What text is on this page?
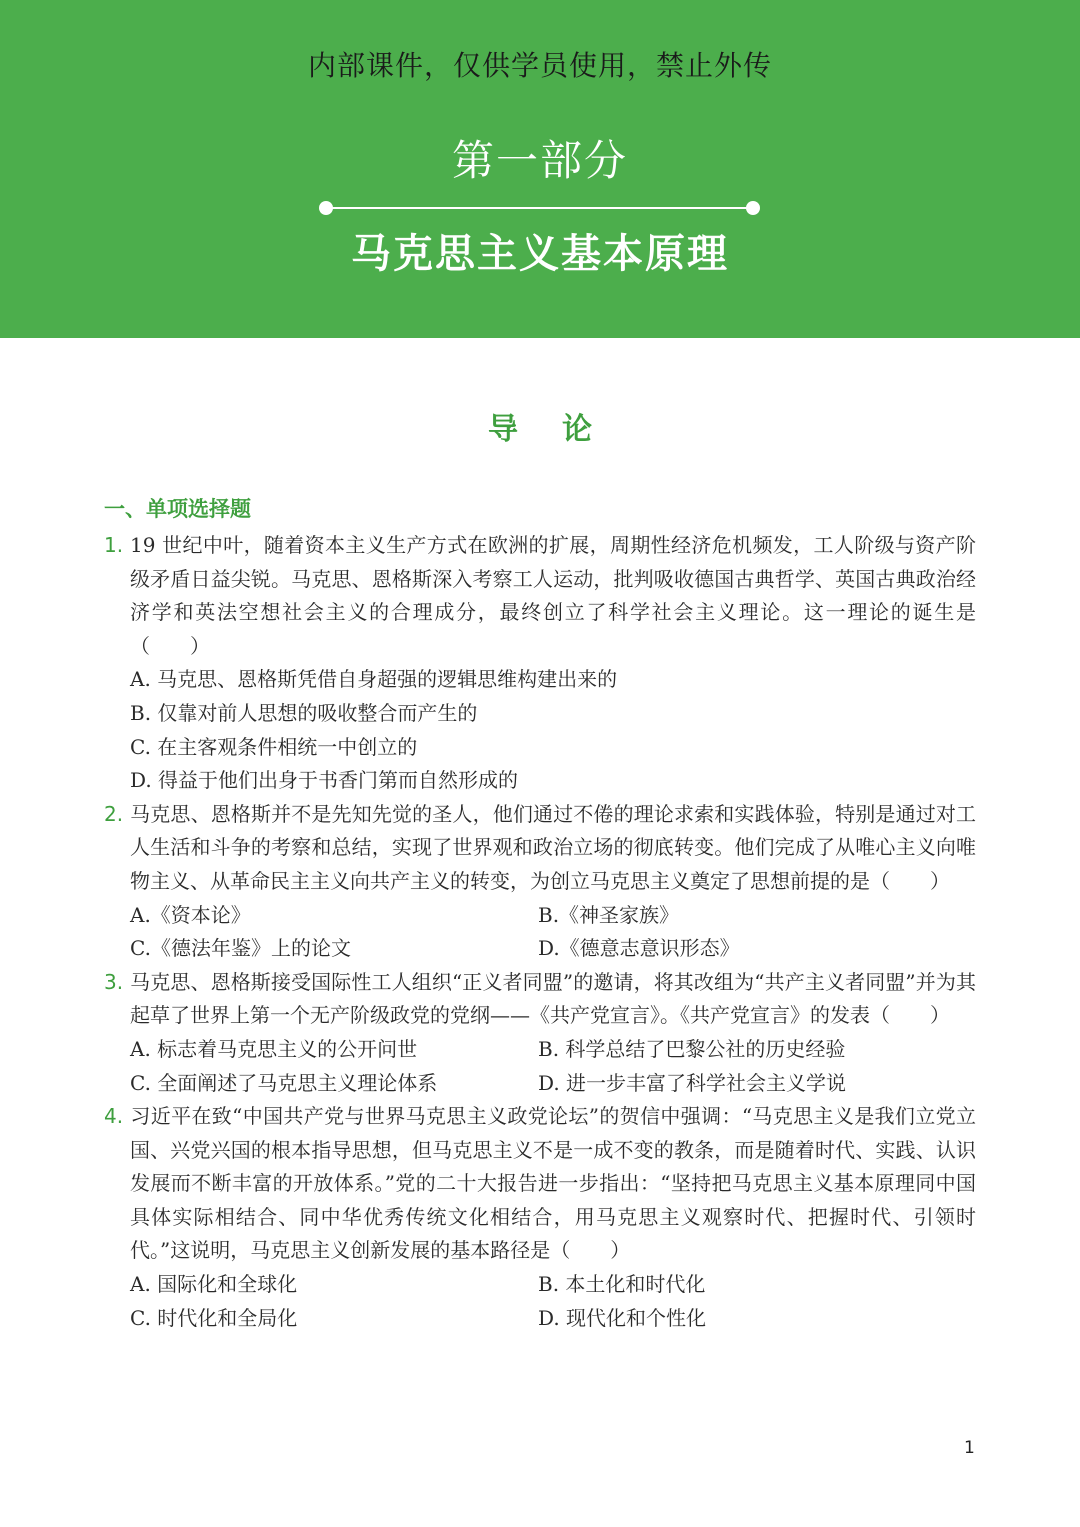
内部课件，仅供学员使用，禁止外传
第一部分
马克思主义基本原理
导 论
一、单项选择题

1. 19 世纪中叶，随着资本主义生产方式在欧洲的扩展，周期性经济危机频发，工人阶级与资产阶级矛盾日益尖锐。马克思、恩格斯深入考察工人运动，批判吸收德国古典哲学、英国古典政治经济学和英法空想社会主义的合理成分，最终创立了科学社会主义理论。这一理论的诞生是（　　）

A. 马克思、恩格斯凭借自身超强的逻辑思维构建出来的
B. 仅靠对前人思想的吸收整合而产生的
C. 在主客观条件相统一中创立的
D. 得益于他们出身于书香门第而自然形成的

2. 马克思、恩格斯并不是先知先觉的圣人，他们通过不倦的理论求索和实践体验，特别是通过对工人生活和斗争的考察和总结，实现了世界观和政治立场的彻底转变。他们完成了从唯心主义向唯物主义、从革命民主主义向共产主义的转变，为创立马克思主义奠定了思想前提的是（　　）

A.《资本论》	B.《神圣家族》
C.《德法年鉴》上的论文	D.《德意志意识形态》

3. 马克思、恩格斯接受国际性工人组织“正义者同盟”的邀请，将其改组为“共产主义者同盟”并为其起草了世界上第一个无产阶级政党的党纲——《共产党宣言》。《共产党宣言》的发表（　　）

A. 标志着马克思主义的公开问世	B. 科学总结了巴黎公社的历史经验
C. 全面阐述了马克思主义理论体系	D. 进一步丰富了科学社会主义学说

4. 习近平在致“中国共产党与世界马克思主义政党论坛”的贺信中强调：“马克思主义是我们立党立国、兴党兴国的根本指导思想，但马克思主义不是一成不变的教条，而是随着时代、实践、认识发展而不断丰富的开放体系。”党的二十大报告进一步指出：“坚持把马克思主义基本原理同中国具体实际相结合、同中华优秀传统文化相结合，用马克思主义观察时代、把握时代、引领时代。”这说明，马克思主义创新发展的基本路径是（　　）

A. 国际化和全球化	B. 本土化和时代化
C. 时代化和全局化	D. 现代化和个性化
1
